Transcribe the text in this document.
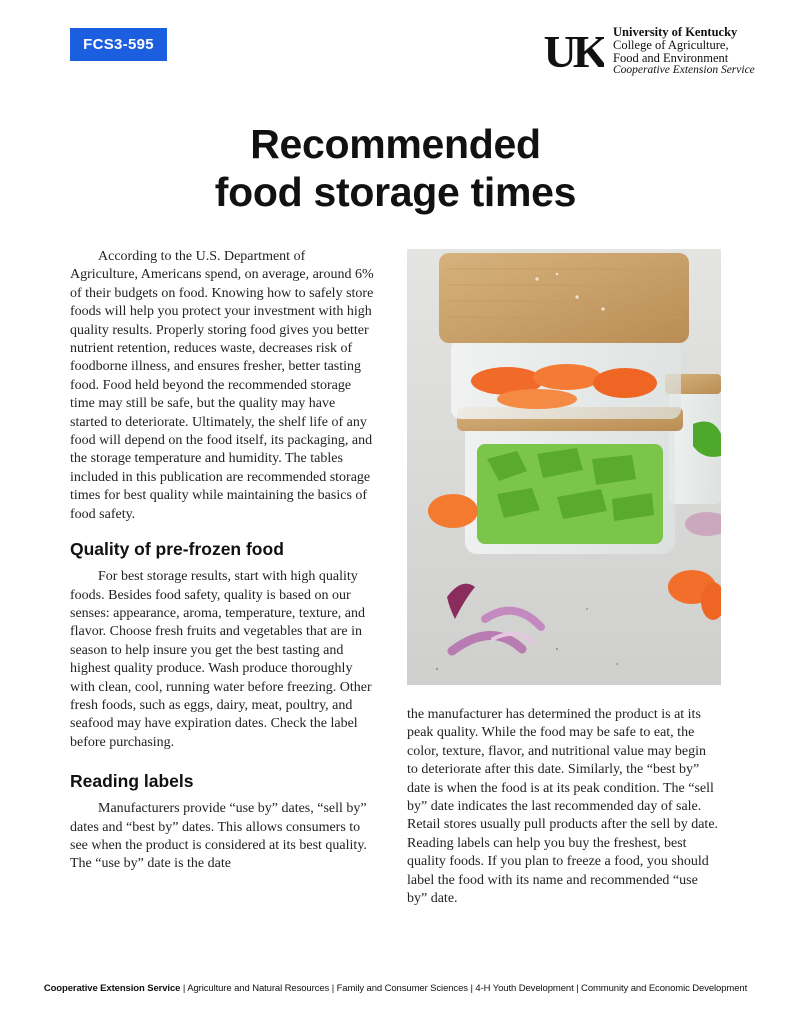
FCS3-595	UK University of Kentucky
College of Agriculture,
Food and Environment
Cooperative Extension Service
Recommended
food storage times

According to the U.S. Department of Agriculture, Americans spend, on average, around 6% of their budgets on food. Knowing how to safely store foods will help you protect your investment with high quality results. Properly storing food gives you better nutrient retention, reduces waste, decreases risk of foodborne illness, and ensures fresher, better tasting food. Food held beyond the recommended storage time may still be safe, but the quality may have started to deteriorate. Ultimately, the shelf life of any food will depend on the food itself, its packaging, and the storage temperature and humidity. The tables included in this publication are recommended storage times for best quality while maintaining the basics of food safety.

Quality of pre-frozen food

For best storage results, start with high quality foods. Besides food safety, quality is based on our senses: appearance, aroma, temperature, texture, and flavor. Choose fresh fruits and vegetables that are in season to help insure you get the best tasting and highest quality produce. Wash produce thoroughly with clean, cool, running water before freezing. Other fresh foods, such as eggs, dairy, meat, poultry, and seafood may have expiration dates. Check the label before purchasing.

Reading labels

Manufacturers provide “use by” dates, “sell by” dates and “best by” dates. This allows consumers to see when the product is considered at its best quality. The “use by” date is the date

the manufacturer has determined the product is at its peak quality. While the food may be safe to eat, the color, texture, flavor, and nutritional value may begin to deteriorate after this date. Similarly, the “best by” date is when the food is at its peak condition. The “sell by” date indicates the last recommended day of sale. Retail stores usually pull products after the sell by date. Reading labels can help you buy the freshest, best quality foods. If you plan to freeze a food, you should label the food with its name and recommended “use by” date.

Cooperative Extension Service | Agriculture and Natural Resources | Family and Consumer Sciences | 4-H Youth Development | Community and Economic Development
